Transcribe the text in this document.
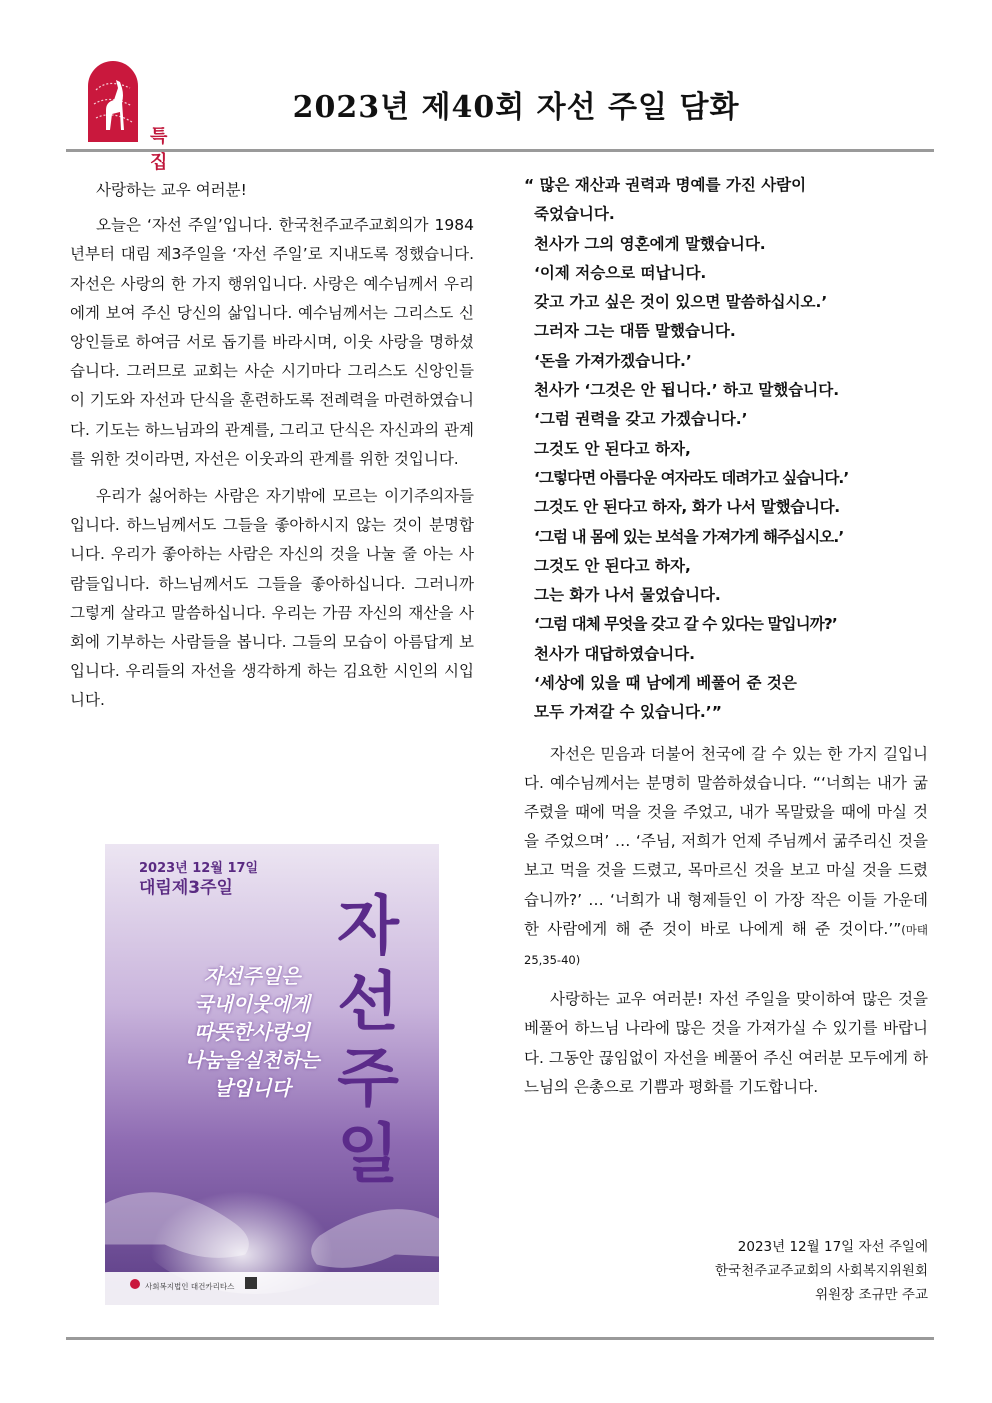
특집
2023년 제40회 자선 주일 담화

사랑하는 교우 여러분!

오늘은 ‘자선 주일’입니다. 한국천주교주교회의가 1984년부터 대림 제3주일을 ‘자선 주일’로 지내도록 정했습니다. 자선은 사랑의 한 가지 행위입니다. 사랑은 예수님께서 우리에게 보여 주신 당신의 삶입니다. 예수님께서는 그리스도 신앙인들로 하여금 서로 돕기를 바라시며, 이웃 사랑을 명하셨습니다. 그러므로 교회는 사순 시기마다 그리스도 신앙인들이 기도와 자선과 단식을 훈련하도록 전례력을 마련하였습니다. 기도는 하느님과의 관계를, 그리고 단식은 자신과의 관계를 위한 것이라면, 자선은 이웃과의 관계를 위한 것입니다.

우리가 싫어하는 사람은 자기밖에 모르는 이기주의자들입니다. 하느님께서도 그들을 좋아하시지 않는 것이 분명합니다. 우리가 좋아하는 사람은 자신의 것을 나눌 줄 아는 사람들입니다. 하느님께서도 그들을 좋아하십니다. 그러니까 그렇게 살라고 말씀하십니다. 우리는 가끔 자신의 재산을 사회에 기부하는 사람들을 봅니다. 그들의 모습이 아름답게 보입니다. 우리들의 자선을 생각하게 하는 김요한 시인의 시입니다.

2023년 12월 17일
대림제3주일
자선주일
자선주일은
국내이웃에게
따뜻한사랑의
나눔을실천하는
날입니다
사회복지법인 대건카리타스
“ 많은 재산과 권력과 명예를 가진 사람이
죽었습니다.
천사가 그의 영혼에게 말했습니다.
‘이제 저승으로 떠납니다.
갖고 가고 싶은 것이 있으면 말씀하십시오.’
그러자 그는 대뜸 말했습니다.
‘돈을 가져가겠습니다.’
천사가 ‘그것은 안 됩니다.’ 하고 말했습니다.
‘그럼 권력을 갖고 가겠습니다.’
그것도 안 된다고 하자,
‘그렇다면 아름다운 여자라도 데려가고 싶습니다.’
그것도 안 된다고 하자, 화가 나서 말했습니다.
‘그럼 내 몸에 있는 보석을 가져가게 해주십시오.’
그것도 안 된다고 하자,
그는 화가 나서 물었습니다.
‘그럼 대체 무엇을 갖고 갈 수 있다는 말입니까?’
천사가 대답하였습니다.
‘세상에 있을 때 남에게 베풀어 준 것은
모두 가져갈 수 있습니다.’”

자선은 믿음과 더불어 천국에 갈 수 있는 한 가지 길입니다. 예수님께서는 분명히 말씀하셨습니다. “‘너희는 내가 굶주렸을 때에 먹을 것을 주었고, 내가 목말랐을 때에 마실 것을 주었으며’ … ‘주님, 저희가 언제 주님께서 굶주리신 것을 보고 먹을 것을 드렸고, 목마르신 것을 보고 마실 것을 드렸습니까?’ … ‘너희가 내 형제들인 이 가장 작은 이들 가운데 한 사람에게 해 준 것이 바로 나에게 해 준 것이다.’”(마태 25,35-40)

사랑하는 교우 여러분! 자선 주일을 맞이하여 많은 것을 베풀어 하느님 나라에 많은 것을 가져가실 수 있기를 바랍니다. 그동안 끊임없이 자선을 베풀어 주신 여러분 모두에게 하느님의 은총으로 기쁨과 평화를 기도합니다.

2023년 12월 17일 자선 주일에
한국천주교주교회의 사회복지위원회
위원장 조규만 주교
